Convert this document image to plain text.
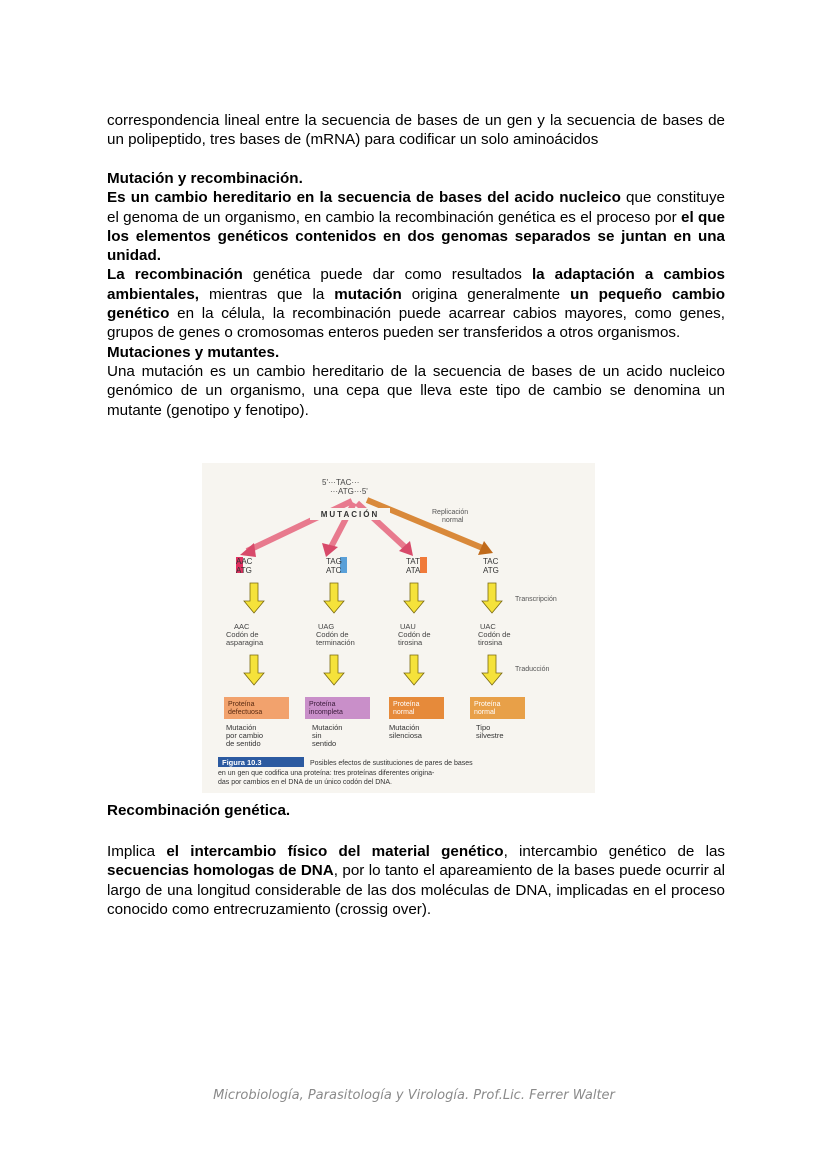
correspondencia lineal entre la secuencia de bases de un gen y la secuencia de bases de un polipeptido, tres bases de (mRNA) para codificar un solo aminoácidos

Mutación y recombinación.

Es un cambio hereditario en la secuencia de bases del acido nucleico que constituye el genoma de un organismo, en cambio la recombinación genética es el proceso por el que los elementos genéticos contenidos en dos genomas separados se juntan en una unidad.

La recombinación genética puede dar como resultados la adaptación a cambios ambientales, mientras que la mutación origina generalmente un pequeño cambio genético en la célula, la recombinación puede acarrear cabios mayores, como genes, grupos de genes o cromosomas enteros pueden ser transferidos a otros organismos.

Mutaciones y mutantes.

Una mutación es un cambio hereditario de la secuencia de bases de un acido nucleico genómico de un organismo, una cepa que lleva este tipo de cambio se denomina un mutante (genotipo y fenotipo).

5'···TAC···
···ATG···5'
MUTACIÓN	Replicación
normal
AAC
ATG
TAG
ATC
TAT
ATA
TAC
ATG
Transcripción
AAC
Codón de
asparagina
UAG
Codón de
terminación
UAU
Codón de
tirosina
UAC
Codón de
tirosina
Traducción
Proteína
defectuosa
Proteína
incompleta
Proteína
normal
Proteína
normal
Mutación
por cambio
de sentido
Mutación
sin
sentido
Mutación
silenciosa
Tipo
silvestre
Figura 10.3	Posibles efectos de sustituciones de pares de bases
en un gen que codifica una proteína: tres proteínas diferentes origina-
das por cambios en el DNA de un único codón del DNA.
Recombinación genética.
Implica el intercambio físico del material genético, intercambio genético de las secuencias homologas de DNA, por lo tanto el apareamiento de la bases puede ocurrir al largo de una longitud considerable de las dos moléculas de DNA, implicadas en el proceso conocido como entrecruzamiento (crossig over).
Microbiología, Parasitología y Virología. Prof.Lic. Ferrer Walter
